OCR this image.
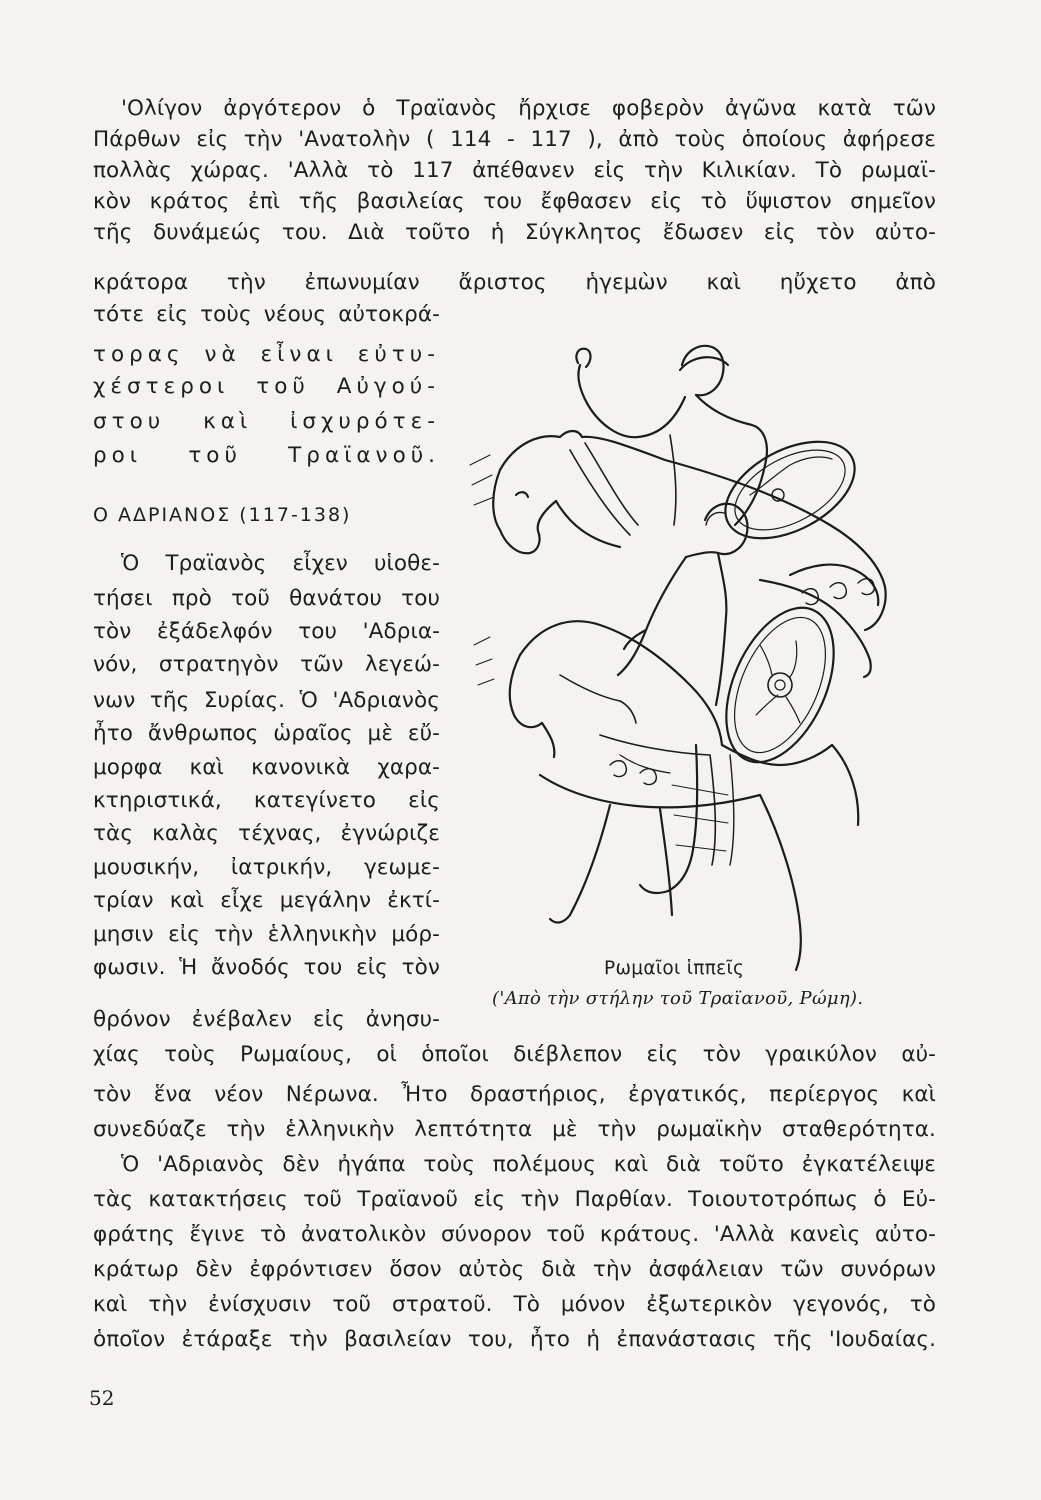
'Ολίγον ἀργότερον ὁ Τραϊανὸς ἤρχισε φοβερὸν ἀγῶνα κατὰ τῶν
Πάρθων εἰς τὴν 'Ανατολὴν ( 114 - 117 ), ἀπὸ τοὺς ὁποίους ἀφήρεσε
πολλὰς χώρας. 'Αλλὰ τὸ 117 ἀπέθανεν εἰς τὴν Κιλικίαν. Τὸ ρωμαϊ-
κὸν κράτος ἐπὶ τῆς βασιλείας του ἔφθασεν εἰς τὸ ὕψιστον σημεῖον
τῆς δυνάμεώς του. Διὰ τοῦτο ἡ Σύγκλητος ἔδωσεν εἰς τὸν αὐτο-
κράτορα τὴν ἐπωνυμίαν ἄριστος ἡγεμὼν καὶ ηὔχετο ἀπὸ
τότε εἰς τοὺς νέους αὐτοκρά-
τορας νὰ εἶναι εὐτυ-
χέστεροι τοῦ Αὐγού-
στου καὶ ἰσχυρότε-
ροι τοῦ Τραϊανοῦ.
Ο ΑΔΡΙΑΝΟΣ (117-138)
Ὁ Τραϊανὸς εἶχεν υἱοθε-
τήσει πρὸ τοῦ θανάτου του
τὸν ἐξάδελφόν του 'Αδρια-
νόν, στρατηγὸν τῶν λεγεώ-
νων τῆς Συρίας. Ὁ 'Αδριανὸς
ἦτο ἄνθρωπος ὡραῖος μὲ εὔ-
μορφα καὶ κανονικὰ χαρα-
κτηριστικά, κατεγίνετο εἰς
τὰς καλὰς τέχνας, ἐγνώριζε
μουσικήν, ἰατρικήν, γεωμε-
τρίαν καὶ εἶχε μεγάλην ἐκτί-
μησιν εἰς τὴν ἑλληνικὴν μόρ-
φωσιν. Ἡ ἄνοδός του εἰς τὸν
θρόνον ἐνέβαλεν εἰς ἀνησυ-
Ρωμαῖοι ἱππεῖς
('Απὸ τὴν στήλην τοῦ Τραϊανοῦ, Ρώμη).
χίας τοὺς Ρωμαίους, οἱ ὁποῖοι διέβλεπον εἰς τὸν γραικύλον αὐ-
τὸν ἕνα νέον Νέρωνα. Ἦτο δραστήριος, ἐργατικός, περίεργος καὶ
συνεδύαζε τὴν ἑλληνικὴν λεπτότητα μὲ τὴν ρωμαϊκὴν σταθερότητα.
Ὁ 'Αδριανὸς δὲν ἠγάπα τοὺς πολέμους καὶ διὰ τοῦτο ἐγκατέλειψε
τὰς κατακτήσεις τοῦ Τραϊανοῦ εἰς τὴν Παρθίαν. Τοιουτοτρόπως ὁ Εὐ-
φράτης ἔγινε τὸ ἀνατολικὸν σύνορον τοῦ κράτους. 'Αλλὰ κανεὶς αὐτο-
κράτωρ δὲν ἐφρόντισεν ὅσον αὐτὸς διὰ τὴν ἀσφάλειαν τῶν συνόρων
καὶ τὴν ἐνίσχυσιν τοῦ στρατοῦ. Τὸ μόνον ἐξωτερικὸν γεγονός, τὸ
ὁποῖον ἐτάραξε τὴν βασιλείαν του, ἦτο ἡ ἐπανάστασις τῆς 'Ιουδαίας.
52
